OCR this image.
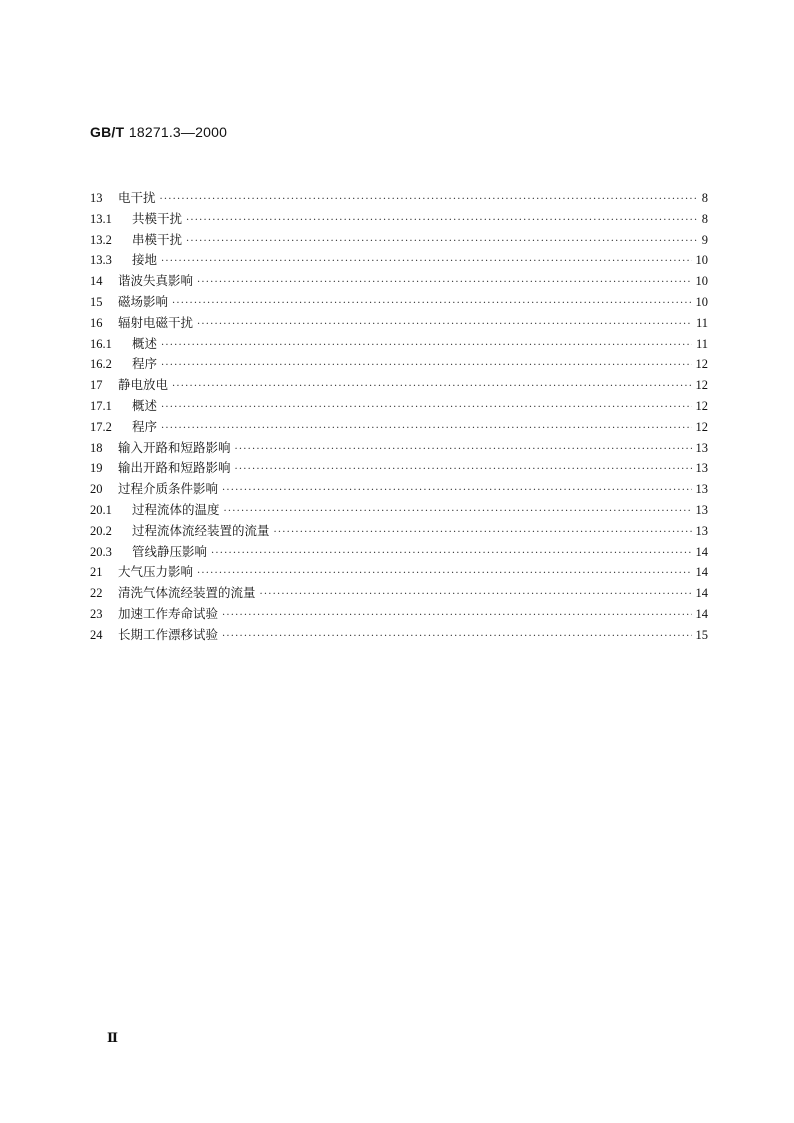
GB/T 18271.3—2000
13	电干扰 ·····	8
13.1	共模干扰 ·····	8
13.2	串模干扰 ·····	9
13.3	接地 ·····	10
14	谐波失真影响 ·····	10
15	磁场影响 ·····	10
16	辐射电磁干扰 ·····	11
16.1	概述 ·····	11
16.2	程序 ·····	12
17	静电放电 ·····	12
17.1	概述 ·····	12
17.2	程序 ·····	12
18	输入开路和短路影响 ·····	13
19	输出开路和短路影响 ·····	13
20	过程介质条件影响 ·····	13
20.1	过程流体的温度 ·····	13
20.2	过程流体流经装置的流量 ·····	13
20.3	管线静压影响 ·····	14
21	大气压力影响 ·····	14
22	清洗气体流经装置的流量 ·····	14
23	加速工作寿命试验 ·····	14
24	长期工作漂移试验 ·····	15
Ⅱ
